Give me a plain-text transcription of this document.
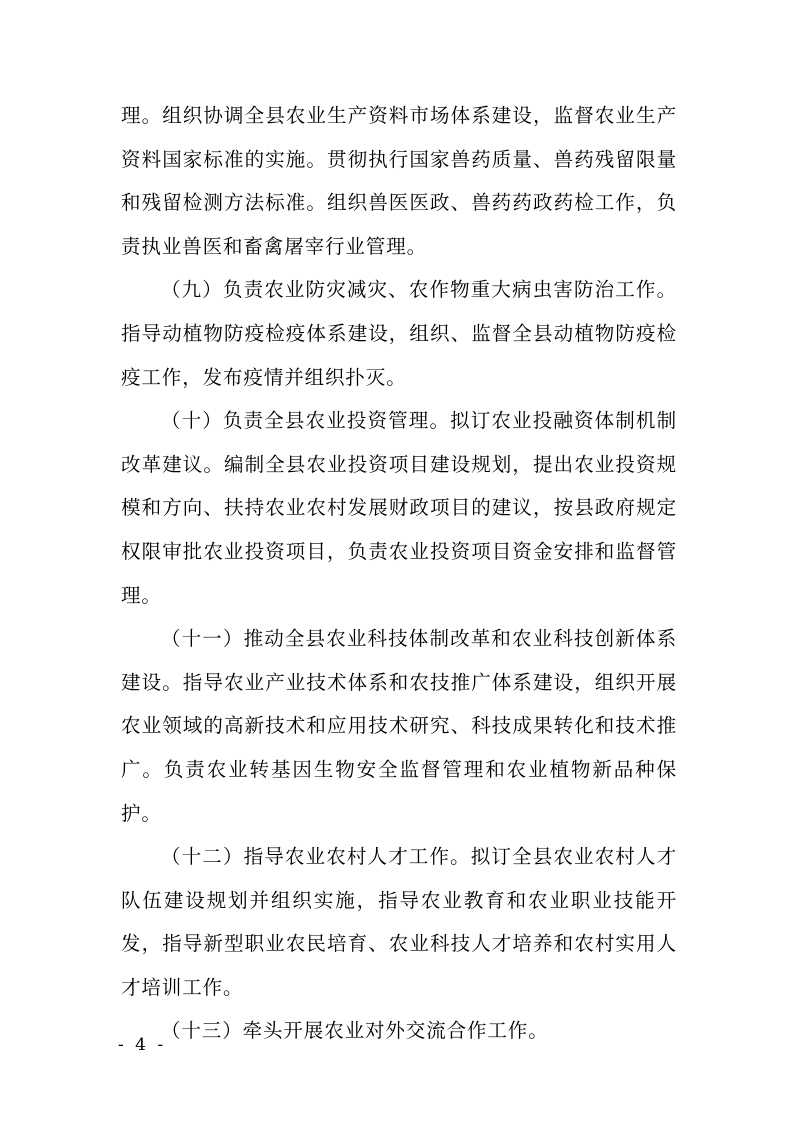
理。组织协调全县农业生产资料市场体系建设，监督农业生产资料国家标准的实施。贯彻执行国家兽药质量、兽药残留限量和残留检测方法标准。组织兽医医政、兽药药政药检工作，负责执业兽医和畜禽屠宰行业管理。

（九）负责农业防灾减灾、农作物重大病虫害防治工作。指导动植物防疫检疫体系建设，组织、监督全县动植物防疫检疫工作，发布疫情并组织扑灭。

（十）负责全县农业投资管理。拟订农业投融资体制机制改革建议。编制全县农业投资项目建设规划，提出农业投资规模和方向、扶持农业农村发展财政项目的建议，按县政府规定权限审批农业投资项目，负责农业投资项目资金安排和监督管理。

（十一）推动全县农业科技体制改革和农业科技创新体系建设。指导农业产业技术体系和农技推广体系建设，组织开展农业领域的高新技术和应用技术研究、科技成果转化和技术推广。负责农业转基因生物安全监督管理和农业植物新品种保护。

（十二）指导农业农村人才工作。拟订全县农业农村人才队伍建设规划并组织实施，指导农业教育和农业职业技能开发，指导新型职业农民培育、农业科技人才培养和农村实用人才培训工作。

（十三）牵头开展农业对外交流合作工作。

- 4 -
